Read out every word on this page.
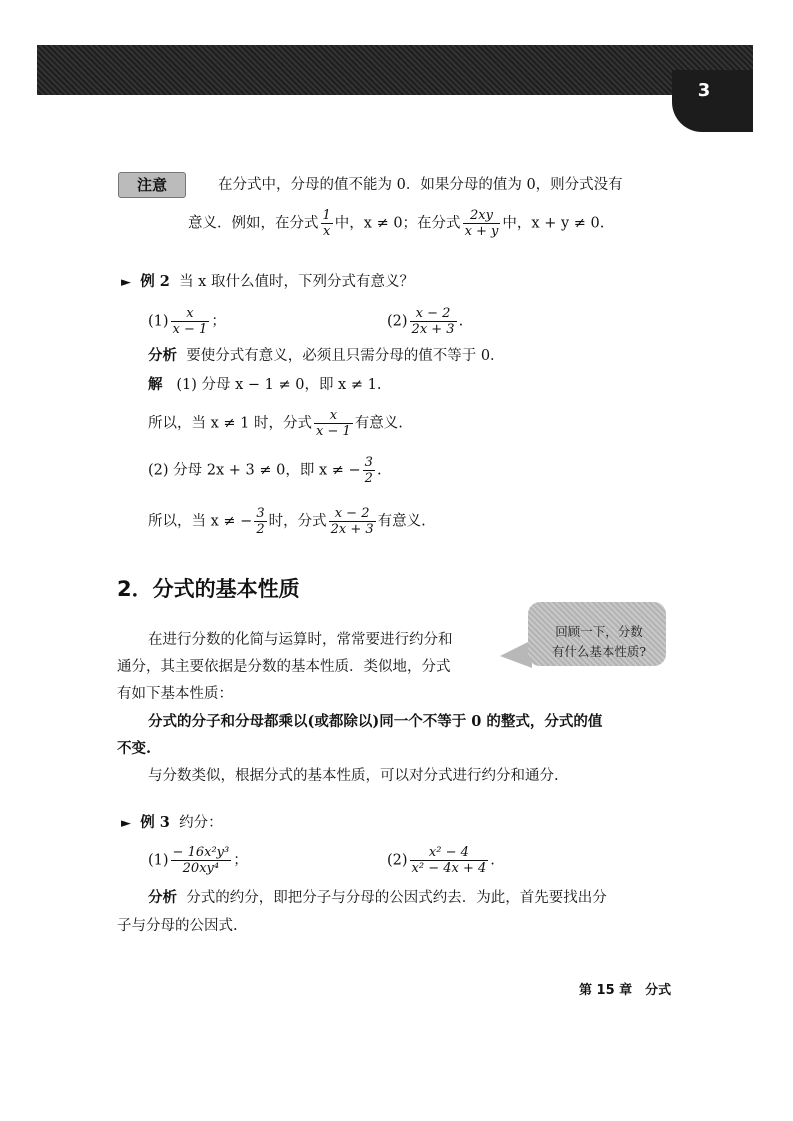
3
注意	在分式中，分母的值不能为 0．如果分母的值为 0，则分式没有
意义．例如，在分式 $\frac{1}{x}$ 中，x ≠ 0；在分式 $\frac{2xy}{x + y}$ 中，x + y ≠ 0.
► 例 2 当 x 取什么值时，下列分式有意义？
$(1) \frac{x}{x - 1}$ ；	$(2) \frac{x - 2}{2x + 3}$ .
分析 要使分式有意义，必须且只需分母的值不等于 0．
解 (1) 分母 x − 1 ≠ 0，即 x ≠ 1.
所以，当 x ≠ 1 时，分式 $\frac{x}{x - 1}$ 有意义.
(2) 分母 2x + 3 ≠ 0，即 x ≠ − $\frac{3}{2}$ .
所以，当 x ≠ − $\frac{3}{2}$ 时，分式 $\frac{x - 2}{2x + 3}$ 有意义.
2．分式的基本性质
回顾一下，分数
有什么基本性质?
在进行分数的化简与运算时，常常要进行约分和
通分，其主要依据是分数的基本性质．类似地，分式
有如下基本性质：
分式的分子和分母都乘以(或都除以)同一个不等于 0 的整式，分式的值
不变.
与分数类似，根据分式的基本性质，可以对分式进行约分和通分.
► 例 3 约分：
$(1) \frac{\text{− 16x²y³}}{\text{20xy⁴}}$ ；	$(2) \frac{\text{x² − 4}}{\text{x² − 4x + 4}}$ .
分析 分式的约分，即把分子与分母的公因式约去．为此，首先要找出分
子与分母的公因式.
第 15 章　分式
